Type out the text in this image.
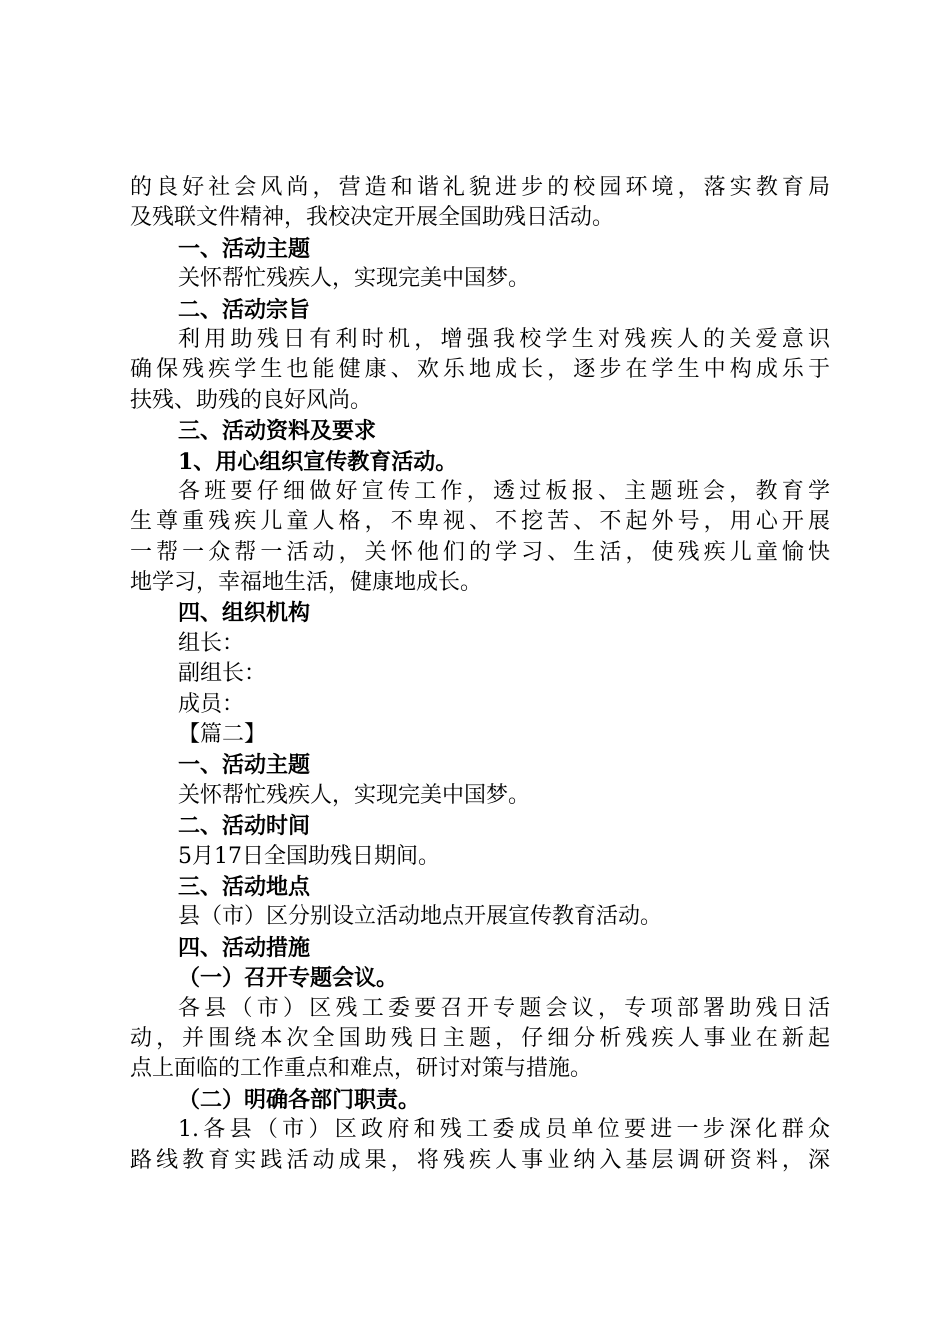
的良好社会风尚，营造和谐礼貌进步的校园环境，落实教育局
及残联文件精神，我校决定开展全国助残日活动。
一、活动主题
关怀帮忙残疾人，实现完美中国梦。
二、活动宗旨
利用助残日有利时机，增强我校学生对残疾人的关爱意识
确保残疾学生也能健康、欢乐地成长，逐步在学生中构成乐于
扶残、助残的良好风尚。
三、活动资料及要求
1、用心组织宣传教育活动。
各班要仔细做好宣传工作，透过板报、主题班会，教育学
生尊重残疾儿童人格，不卑视、不挖苦、不起外号，用心开展
一帮一众帮一活动，关怀他们的学习、生活，使残疾儿童愉快
地学习，幸福地生活，健康地成长。
四、组织机构
组长：
副组长：
成员：
【篇二】
一、活动主题
关怀帮忙残疾人，实现完美中国梦。
二、活动时间
5月17日全国助残日期间。
三、活动地点
县（市）区分别设立活动地点开展宣传教育活动。
四、活动措施
（一）召开专题会议。
各县（市）区残工委要召开专题会议，专项部署助残日活
动，并围绕本次全国助残日主题，仔细分析残疾人事业在新起
点上面临的工作重点和难点，研讨对策与措施。
（二）明确各部门职责。
1.各县（市）区政府和残工委成员单位要进一步深化群众
路线教育实践活动成果，将残疾人事业纳入基层调研资料，深
